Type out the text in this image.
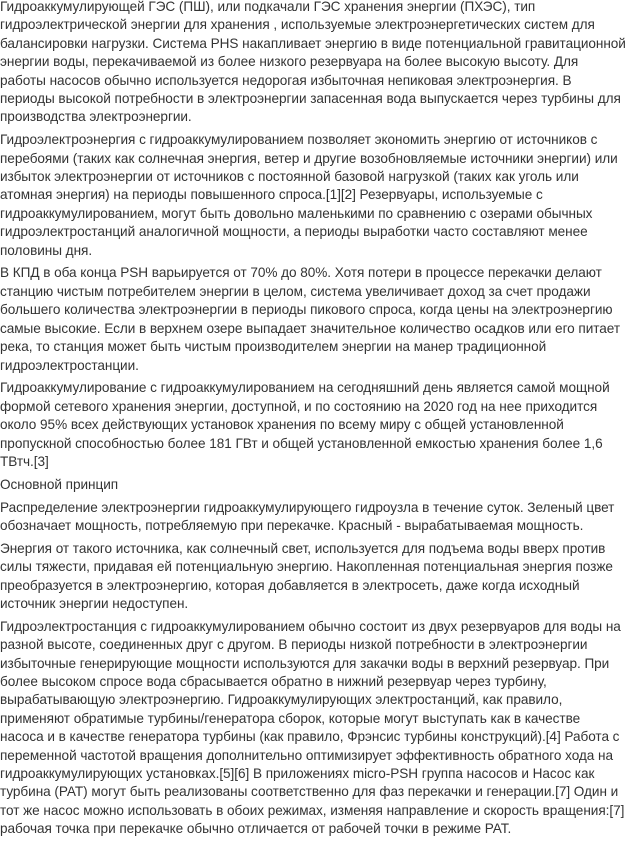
Гидроаккумулирующей ГЭС (ПШ), или подкачали ГЭС хранения энергии (ПХЭС), тип гидроэлектрической энергии для хранения , используемые электроэнергетических систем для балансировки нагрузки. Система PHS накапливает энергию в виде потенциальной гравитационной энергии воды, перекачиваемой из более низкого резервуара на более высокую высоту. Для работы насосов обычно используется недорогая избыточная непиковая электроэнергия. В периоды высокой потребности в электроэнергии запасенная вода выпускается через турбины для производства электроэнергии.

Гидроэлектроэнергия с гидроаккумулированием позволяет экономить энергию от источников с перебоями (таких как солнечная энергия, ветер и другие возобновляемые источники энергии) или избыток электроэнергии от источников с постоянной базовой нагрузкой (таких как уголь или атомная энергия) на периоды повышенного спроса.[1][2] Резервуары, используемые с гидроаккумулированием, могут быть довольно маленькими по сравнению с озерами обычных гидроэлектростанций аналогичной мощности, а периоды выработки часто составляют менее половины дня.

В КПД в оба конца PSH варьируется от 70% до 80%. Хотя потери в процессе перекачки делают станцию чистым потребителем энергии в целом, система увеличивает доход за счет продажи большего количества электроэнергии в периоды пикового спроса, когда цены на электроэнергию самые высокие. Если в верхнем озере выпадает значительное количество осадков или его питает река, то станция может быть чистым производителем энергии на манер традиционной гидроэлектростанции.

Гидроаккумулирование с гидроаккумулированием на сегодняшний день является самой мощной формой сетевого хранения энергии, доступной, и по состоянию на 2020 год на нее приходится около 95% всех действующих установок хранения по всему миру с общей установленной пропускной способностью более 181 ГВт и общей установленной емкостью хранения более 1,6 ТВтч.[3]

Основной принцип

Распределение электроэнергии гидроаккумулирующего гидроузла в течение суток. Зеленый цвет обозначает мощность, потребляемую при перекачке. Красный - вырабатываемая мощность.

Энергия от такого источника, как солнечный свет, используется для подъема воды вверх против силы тяжести, придавая ей потенциальную энергию. Накопленная потенциальная энергия позже преобразуется в электроэнергию, которая добавляется в электросеть, даже когда исходный источник энергии недоступен.

Гидроэлектростанция с гидроаккумулированием обычно состоит из двух резервуаров для воды на разной высоте, соединенных друг с другом. В периоды низкой потребности в электроэнергии избыточные генерирующие мощности используются для закачки воды в верхний резервуар. При более высоком спросе вода сбрасывается обратно в нижний резервуар через турбину, вырабатывающую электроэнергию. Гидроаккумулирующих электростанций, как правило, применяют обратимые турбины/генератора сборок, которые могут выступать как в качестве насоса и в качестве генератора турбины (как правило, Фрэнсис турбины конструкций).[4] Работа с переменной частотой вращения дополнительно оптимизирует эффективность обратного хода на гидроаккумулирующих установках.[5][6] В приложениях micro-PSH группа насосов и Насос как турбина (PAT) могут быть реализованы соответственно для фаз перекачки и генерации.[7] Один и тот же насос можно использовать в обоих режимах, изменяя направление и скорость вращения:[7] рабочая точка при перекачке обычно отличается от рабочей точки в режиме PAT.
